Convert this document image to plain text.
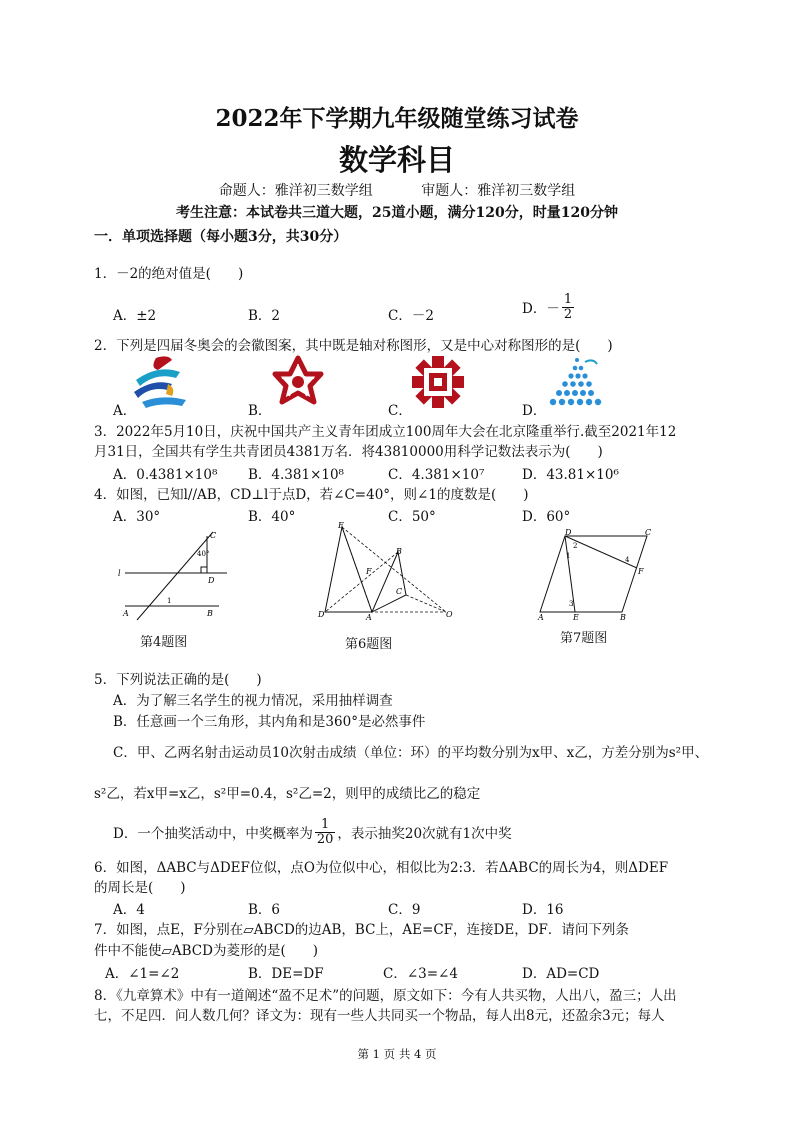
2022年下学期九年级随堂练习试卷
数学科目
命题人：雅洋初三数学组	审题人：雅洋初三数学组
考生注意：本试卷共三道大题，25道小题，满分120分，时量120分钟
一．单项选择题（每小题3分，共30分）
1．－2的绝对值是(　　)
A．±2	B．2	C．－2	D．－ $\frac{1}{2}$
2．下列是四届冬奥会的会徽图案，其中既是轴对称图形，又是中心对称图形的是(　　)
A．	B．	C．	D．
3．2022年5月10日，庆祝中国共产主义青年团成立100周年大会在北京隆重举行.截至2021年12
月31日，全国共有学生共青团员4381万名．将43810000用科学记数法表示为(　　)
A．0.4381×10⁸ B．4.381×10⁸	C．4.381×10⁷	D．43.81×10⁶
4．如图，已知l//AB，CD⊥l于点D，若∠C=40°，则∠1的度数是(　　)
A．30°	B．40°	C．50°	D．60°
C
40°
D
l
1
A	B
第4题图
E
B
F
C
D	A	O
第6题图
D	C
1
2
4
F
3
A	E	B
第7题图
5．下列说法正确的是(　　)
A．为了解三名学生的视力情况，采用抽样调查
B．任意画一个三角形，其内角和是360°是必然事件
C．甲、乙两名射击运动员10次射击成绩（单位：环）的平均数分别为x甲、x乙，方差分别为s²甲、
s²乙，若x甲=x乙，s²甲=0.4，s²乙=2，则甲的成绩比乙的稳定
D．一个抽奖活动中，中奖概率为 $\frac{1}{20}$ ，表示抽奖20次就有1次中奖
6．如图，ΔABC与ΔDEF位似，点O为位似中心，相似比为2:3．若ΔABC的周长为4，则ΔDEF
的周长是(　　)
A．4	B．6	C．9	D．16
7．如图，点E，F分别在▱ABCD的边AB，BC上，AE=CF，连接DE，DF．请问下列条
件中不能使▱ABCD为菱形的是(　　)
A．∠1=∠2	B．DE=DF	C．∠3=∠4	D．AD=CD
8．《九章算术》中有一道阐述“盈不足术”的问题，原文如下：今有人共买物，人出八，盈三；人出
七，不足四．问人数几何？译文为：现有一些人共同买一个物品，每人出8元，还盈余3元；每人
第 1 页 共 4 页
